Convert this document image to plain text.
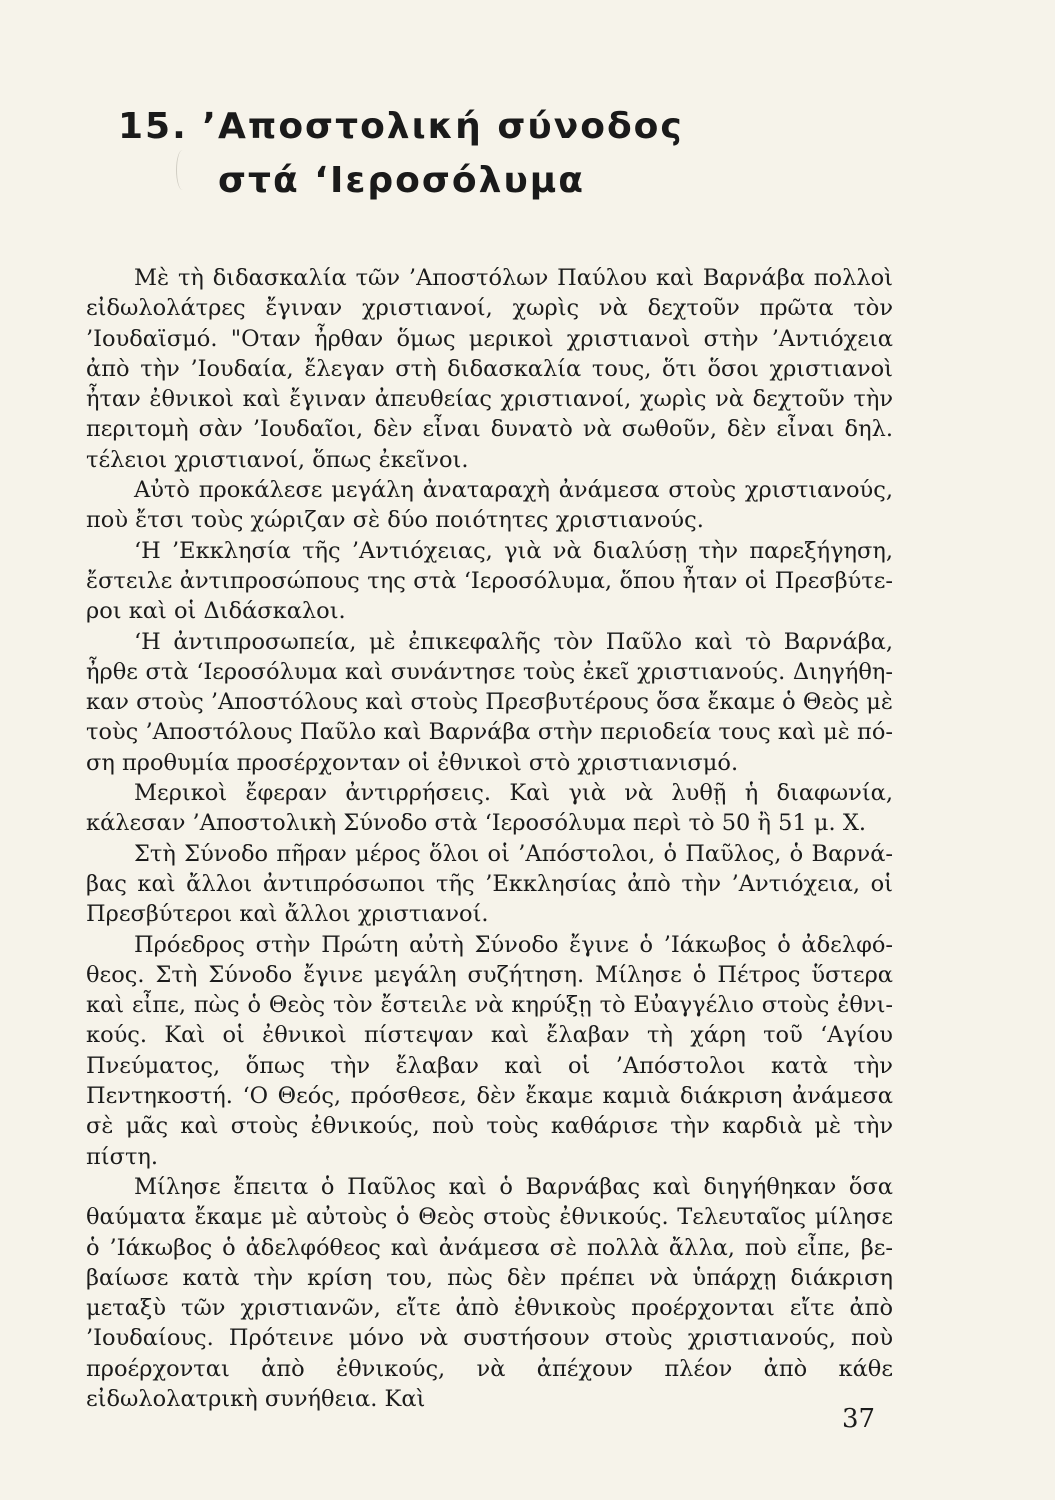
15. ’Αποστολική σύνοδος
στά ‘Ιεροσόλυμα

Μὲ τὴ διδασκαλία τῶν ’Αποστόλων Παύλου καὶ Βαρνάβα πολλοὶ εἰδωλολάτρες ἔγιναν χριστιανοί, χωρὶς νὰ δεχτοῦν πρῶτα τὸν ’Ιουδαϊσμό. "Οταν ἦρθαν ὅμως μερικοὶ χριστιανοὶ στὴν ’Αντιόχεια ἀπὸ τὴν ’Ιουδαία, ἔλεγαν στὴ διδασκαλία τους, ὅτι ὅσοι χριστιανοὶ ἦταν ἐθνικοὶ καὶ ἔγιναν ἀπευθείας χριστιανοί, χωρὶς νὰ δεχτοῦν τὴν περιτομὴ σὰν ’Ιουδαῖοι, δὲν εἶναι δυνατὸ νὰ σωθοῦν, δὲν εἶναι δηλ. τέλειοι χριστιανοί, ὅπως ἐκεῖνοι.

Αὐτὸ προκάλεσε μεγάλη ἀναταραχὴ ἀνάμεσα στοὺς χριστιανούς, ποὺ ἔτσι τοὺς χώριζαν σὲ δύο ποιότητες χριστιανούς.

‘Η ’Εκκλησία τῆς ’Αντιόχειας, γιὰ νὰ διαλύσῃ τὴν παρεξήγηση, ἔστειλε ἀντιπροσώπους της στὰ ‘Ιεροσόλυμα, ὅπου ἦταν οἱ Πρεσβύτεροι καὶ οἱ Διδάσκαλοι.

‘Η ἀντιπροσωπεία, μὲ ἐπικεφαλῆς τὸν Παῦλο καὶ τὸ Βαρνάβα, ἦρθε στὰ ‘Ιεροσόλυμα καὶ συνάντησε τοὺς ἐκεῖ χριστιανούς. Διηγήθηκαν στοὺς ’Αποστόλους καὶ στοὺς Πρεσβυτέρους ὅσα ἔκαμε ὁ Θεὸς μὲ τοὺς ’Αποστόλους Παῦλο καὶ Βαρνάβα στὴν περιοδεία τους καὶ μὲ πόση προθυμία προσέρχονταν οἱ ἐθνικοὶ στὸ χριστιανισμό.

Μερικοὶ ἔφεραν ἀντιρρήσεις. Καὶ γιὰ νὰ λυθῇ ἡ διαφωνία, κάλεσαν ’Αποστολικὴ Σύνοδο στὰ ‘Ιεροσόλυμα περὶ τὸ 50 ἢ 51 μ. Χ.

Στὴ Σύνοδο πῆραν μέρος ὅλοι οἱ ’Απόστολοι, ὁ Παῦλος, ὁ Βαρνάβας καὶ ἄλλοι ἀντιπρόσωποι τῆς ’Εκκλησίας ἀπὸ τὴν ’Αντιόχεια, οἱ Πρεσβύτεροι καὶ ἄλλοι χριστιανοί.

Πρόεδρος στὴν Πρώτη αὐτὴ Σύνοδο ἔγινε ὁ ’Ιάκωβος ὁ ἀδελφόθεος. Στὴ Σύνοδο ἔγινε μεγάλη συζήτηση. Μίλησε ὁ Πέτρος ὕστερα καὶ εἶπε, πὼς ὁ Θεὸς τὸν ἔστειλε νὰ κηρύξῃ τὸ Εὐαγγέλιο στοὺς ἐθνικούς. Καὶ οἱ ἐθνικοὶ πίστεψαν καὶ ἔλαβαν τὴ χάρη τοῦ ‘Αγίου Πνεύματος, ὅπως τὴν ἔλαβαν καὶ οἱ ’Απόστολοι κατὰ τὴν Πεντηκοστή. ‘Ο Θεός, πρόσθεσε, δὲν ἔκαμε καμιὰ διάκριση ἀνάμεσα σὲ μᾶς καὶ στοὺς ἐθνικούς, ποὺ τοὺς καθάρισε τὴν καρδιὰ μὲ τὴν πίστη.

Μίλησε ἔπειτα ὁ Παῦλος καὶ ὁ Βαρνάβας καὶ διηγήθηκαν ὅσα θαύματα ἔκαμε μὲ αὐτοὺς ὁ Θεὸς στοὺς ἐθνικούς. Τελευταῖος μίλησε ὁ ’Ιάκωβος ὁ ἀδελφόθεος καὶ ἀνάμεσα σὲ πολλὰ ἄλλα, ποὺ εἶπε, βεβαίωσε κατὰ τὴν κρίση του, πὼς δὲν πρέπει νὰ ὑπάρχῃ διάκριση μεταξὺ τῶν χριστιανῶν, εἴτε ἀπὸ ἐθνικοὺς προέρχονται εἴτε ἀπὸ ’Ιουδαίους. Πρότεινε μόνο νὰ συστήσουν στοὺς χριστιανούς, ποὺ προέρχονται ἀπὸ ἐθνικούς, νὰ ἀπέχουν πλέον ἀπὸ κάθε εἰδωλολατρικὴ συνήθεια. Καὶ

37
